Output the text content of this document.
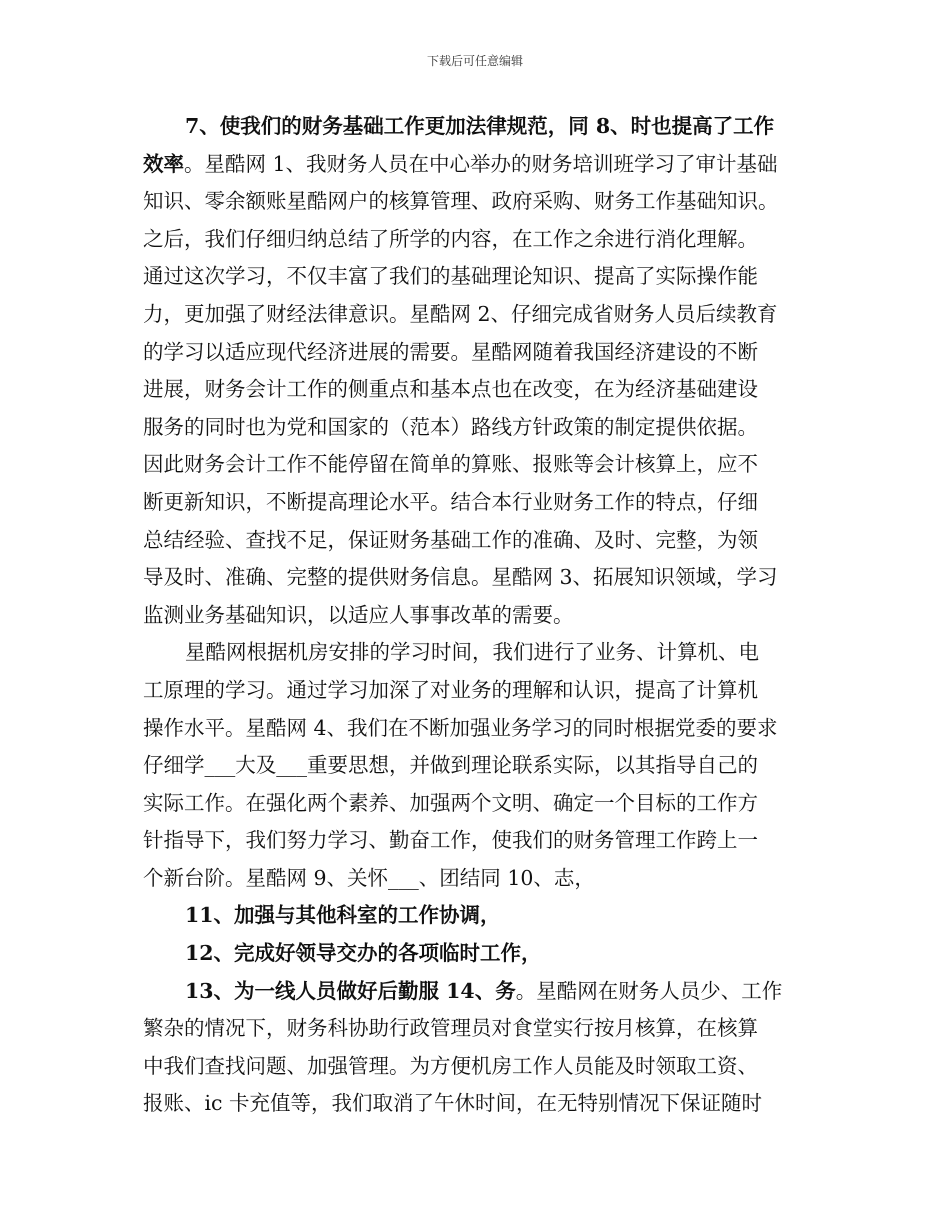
下载后可任意编辑
7、使我们的财务基础工作更加法律规范，同 8、时也提高了工作
效率。星酷网 1、我财务人员在中心举办的财务培训班学习了审计基础
知识、零余额账星酷网户的核算管理、政府采购、财务工作基础知识。
之后，我们仔细归纳总结了所学的内容，在工作之余进行消化理解。
通过这次学习，不仅丰富了我们的基础理论知识、提高了实际操作能
力，更加强了财经法律意识。星酷网 2、仔细完成省财务人员后续教育
的学习以适应现代经济进展的需要。星酷网随着我国经济建设的不断
进展，财务会计工作的侧重点和基本点也在改变，在为经济基础建设
服务的同时也为党和国家的（范本）路线方针政策的制定提供依据。
因此财务会计工作不能停留在简单的算账、报账等会计核算上，应不
断更新知识，不断提高理论水平。结合本行业财务工作的特点，仔细
总结经验、查找不足，保证财务基础工作的准确、及时、完整，为领
导及时、准确、完整的提供财务信息。星酷网 3、拓展知识领域，学习
监测业务基础知识，以适应人事事改革的需要。
星酷网根据机房安排的学习时间，我们进行了业务、计算机、电
工原理的学习。通过学习加深了对业务的理解和认识，提高了计算机
操作水平。星酷网 4、我们在不断加强业务学习的同时根据党委的要求
仔细学___大及___重要思想，并做到理论联系实际，以其指导自己的
实际工作。在强化两个素养、加强两个文明、确定一个目标的工作方
针指导下，我们努力学习、勤奋工作，使我们的财务管理工作跨上一
个新台阶。星酷网 9、关怀___、团结同 10、志，
11、加强与其他科室的工作协调，
12、完成好领导交办的各项临时工作，
13、为一线人员做好后勤服 14、务。星酷网在财务人员少、工作
繁杂的情况下，财务科协助行政管理员对食堂实行按月核算，在核算
中我们查找问题、加强管理。为方便机房工作人员能及时领取工资、
报账、ic 卡充值等，我们取消了午休时间，在无特别情况下保证随时
